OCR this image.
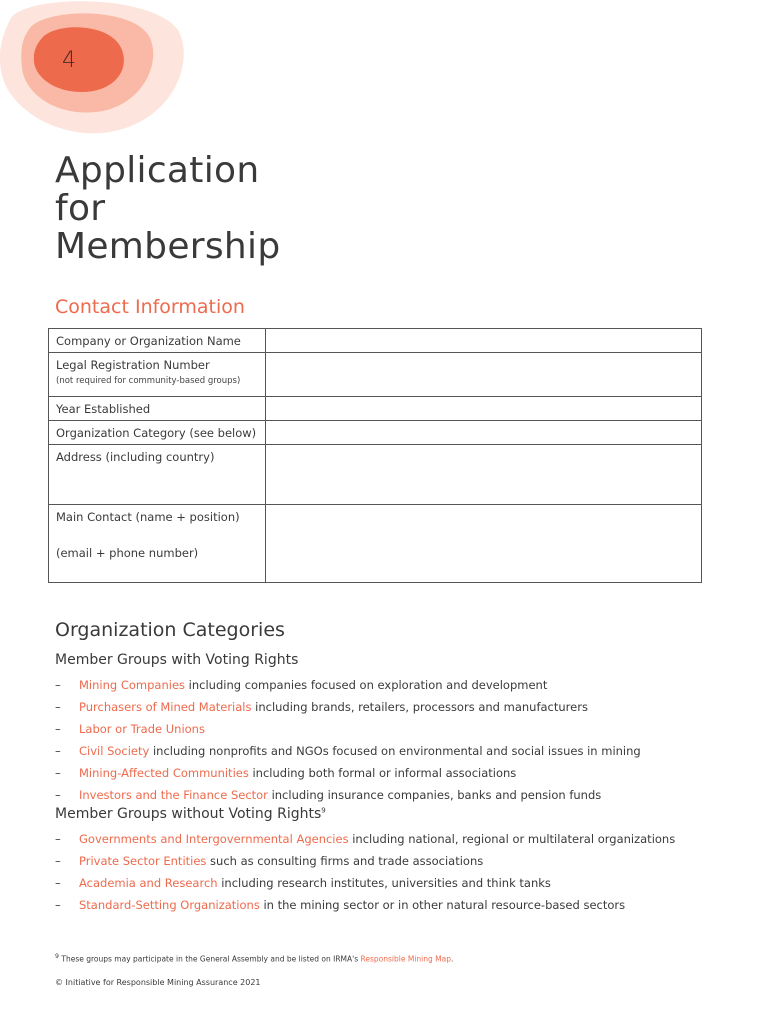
4
Application
for
Membership
Contact Information
Company or Organization Name	
Legal Registration Number
(not required for community-based groups)	

Year Established	
Organization Category (see below)	
Address (including country)	
Main Contact (name + position)
(email + phone number)	

Organization Categories
Member Groups with Voting Rights
– Mining Companies including companies focused on exploration and development
– Purchasers of Mined Materials including brands, retailers, processors and manufacturers
– Labor or Trade Unions
– Civil Society including nonprofits and NGOs focused on environmental and social issues in mining
– Mining-Affected Communities including both formal or informal associations
– Investors and the Finance Sector including insurance companies, banks and pension funds
Member Groups without Voting Rights$^9$
– Governments and Intergovernmental Agencies including national, regional or multilateral organizations
– Private Sector Entities such as consulting firms and trade associations
– Academia and Research including research institutes, universities and think tanks
– Standard-Setting Organizations in the mining sector or in other natural resource-based sectors
$^9$ These groups may participate in the General Assembly and be listed on IRMA's Responsible Mining Map.
© Initiative for Responsible Mining Assurance 2021
